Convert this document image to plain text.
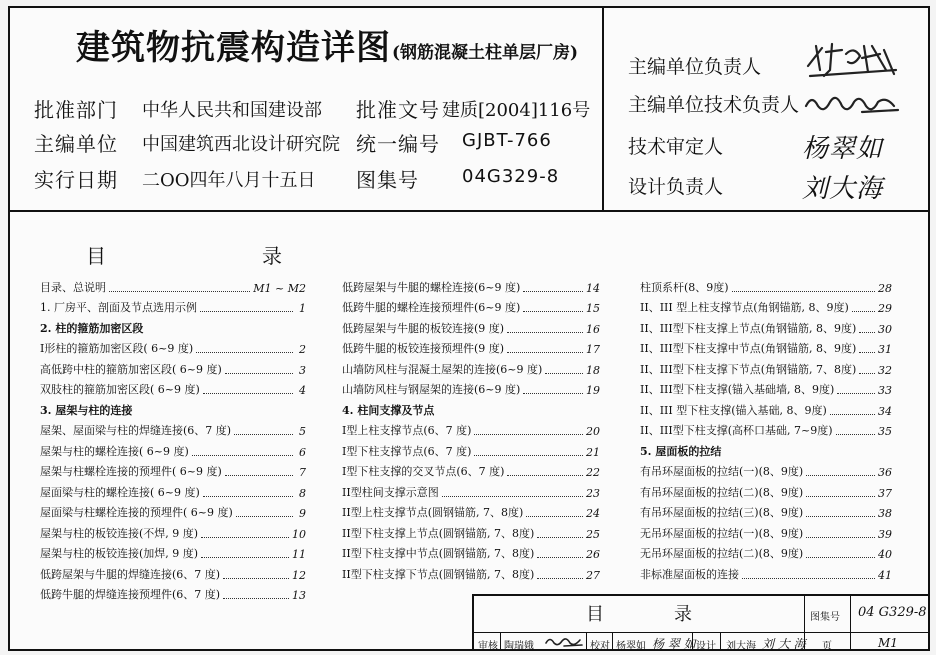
建筑物抗震构造详图 (钢筋混凝土柱单层厂房)
批准部门 中华人民共和国建设部 批准文号 建质[2004]116号
主编单位 中国建筑西北设计研究院 统一编号 GJBT-766
实行日期 二OO四年八月十五日 图集号 04G329-8
主编单位负责人
主编单位技术负责人
技术审定人	杨翠如
设计负责人	刘大海
目	录
目录、总说明	M1 ~ M2
1. 厂房平、剖面及节点选用示例	1
2. 柱的箍筋加密区段
I形柱的箍筋加密区段( 6~9 度)	2
高低跨中柱的箍筋加密区段( 6~9 度)	3
双肢柱的箍筋加密区段( 6~9 度)	4
3. 屋架与柱的连接
屋架、屋面梁与柱的焊缝连接(6、7 度)	5
屋架与柱的螺栓连接( 6~9 度)	6
屋架与柱螺栓连接的预埋件( 6~9 度)	7
屋面梁与柱的螺栓连接( 6~9 度)	8
屋面梁与柱螺栓连接的预埋件( 6~9 度)	9
屋架与柱的板铰连接(不焊, 9 度)	10
屋架与柱的板铰连接(加焊, 9 度)	11
低跨屋架与牛腿的焊缝连接(6、7 度)	12
低跨牛腿的焊缝连接预埋件(6、7 度)	13
低跨屋架与牛腿的螺栓连接(6~9 度)	14
低跨牛腿的螺栓连接预埋件(6~9 度)	15
低跨屋架与牛腿的板铰连接(9 度)	16
低跨牛腿的板铰连接预埋件(9 度)	17
山墙防风柱与混凝土屋架的连接(6~9 度)	18
山墙防风柱与钢屋架的连接(6~9 度)	19
4. 柱间支撑及节点
I型上柱支撑节点(6、7 度)	20
I型下柱支撑节点(6、7 度)	21
I型下柱支撑的交叉节点(6、7 度)	22
II型柱间支撑示意图	23
II型上柱支撑节点(圆钢锚筋, 7、8度)	24
II型下柱支撑上节点(圆钢锚筋, 7、8度)	25
II型下柱支撑中节点(圆钢锚筋, 7、8度)	26
II型下柱支撑下节点(圆钢锚筋, 7、8度)	27
柱顶系杆(8、9度)	28
II、III 型上柱支撑节点(角钢锚筋, 8、9度)	29
II、III型下柱支撑上节点(角钢锚筋, 8、9度) 30
II、III型下柱支撑中节点(角钢锚筋, 8、9度) 31
II、III型下柱支撑下节点(角钢锚筋, 7、8度) 32
II、III型下柱支撑(锚入基础墙, 8、9度)	33
II、III 型下柱支撑(锚入基础, 8、9度)	34
II、III型下柱支撑(高杯口基础, 7~9度)	35
5. 屋面板的拉结
有吊环屋面板的拉结(一)(8、9度)	36
有吊环屋面板的拉结(二)(8、9度)	37
有吊环屋面板的拉结(三)(8、9度)	38
无吊环屋面板的拉结(一)(8、9度)	39
无吊环屋面板的拉结(二)(8、9度)	40
非标准屋面板的连接	41
目	录	图集号 04 G329-8
审核 陶瑞娥	校对 杨翠如 杨 翠 如 设计 刘大海 刘 大 海 页	M1
